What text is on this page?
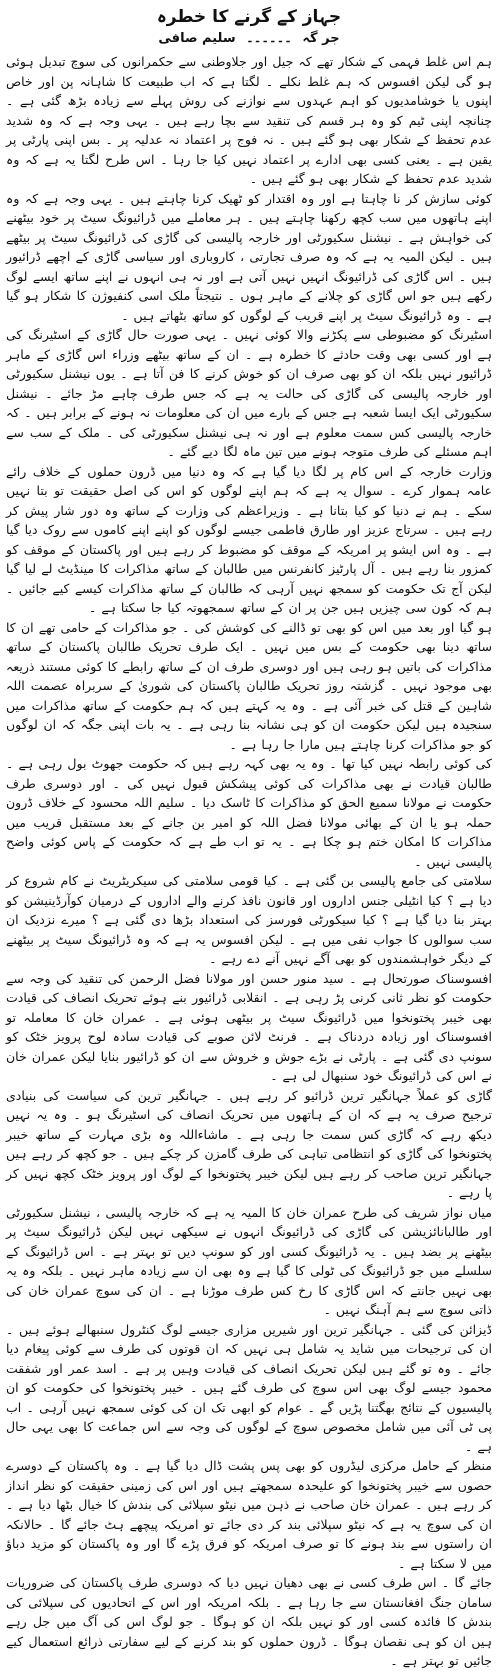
جہاز کے گرنے کا خطرہ
جر گہ ۔۔۔۔۔۔ سلیم صافی

ہم اس غلط فہمی کے شکار تھے کہ جیل اور جلاوطنی سے حکمرانوں کی سوچ تبدیل ہوئی ہو گی لیکن افسوس کہ ہم غلط نکلے ۔ لگتا ہے کہ اب طبیعت کا شاہانہ پن اور خاص اپنوں یا خوشامدیوں کو اہم عہدوں سے نوازنے کی روش پہلے سے زیادہ بڑھ گئی ہے ۔ چنانچہ اپنی ٹیم کو وہ ہر قسم کی تنقید سے بچا رہے ہیں ۔ یہی وجہ ہے کہ وہ شدید عدم تحفظ کے شکار بھی ہو گئے ہیں ۔ نہ فوج پر اعتماد نہ عدلیہ پر ۔ بس اپنی پارٹی پر یقین ہے ۔ یعنی کسی بھی ادارے پر اعتماد نہیں کیا جا رہا ۔ اس طرح لگتا یہ ہے کہ وہ شدید عدم تحفظ کے شکار بھی ہو گئے ہیں ۔

کوئی سازش کر نا چاہتا ہے اور وہ اقتدار کو ٹھیک کرنا چاہتے ہیں ۔ یہی وجہ ہے کہ وہ اپنے ہاتھوں میں سب کچھ رکھنا چاہتے ہیں ۔ ہر معاملے میں ڈرائیونگ سیٹ پر خود بیٹھنے کی خواہش ہے ۔ نیشنل سکیورٹی اور خارجہ پالیسی کی گاڑی کی ڈرائیونگ سیٹ پر بیٹھے ہیں ۔ لیکن المیہ یہ ہے کہ وہ صرف تجارتی ، کاروباری اور سیاسی گاڑی کے اچھے ڈرائیور ہیں ۔ اس گاڑی کی ڈرائیونگ انہیں نہیں آتی ہے اور نہ ہی انہوں نے اپنے ساتھ ایسے لوگ رکھے ہیں جو اس گاڑی کو چلانے کے ماہر ہوں ۔ نتیجتاً ملک اسی کنفیوژن کا شکار ہو گیا ہے ۔ وہ ڈرائیونگ سیٹ پر اپنے قریب کے لوگوں کو ساتھ بٹھاتے ہیں ۔

اسٹیرنگ کو مضبوطی سے پکڑنے والا کوئی نہیں ۔ یہی صورت حال گاڑی کے اسٹیرنگ کی ہے اور کسی بھی وقت حادثے کا خطرہ ہے ۔ ان کے ساتھ بیٹھے وزراء اس گاڑی کے ماہر ڈرائیور نہیں بلکہ ان کو بھی صرف ان کو خوش کرنے کا فن آتا ہے ۔ یوں نیشنل سکیورٹی اور خارجہ پالیسی کی گاڑی کی حالت یہ ہے کہ جس طرف چاہے مڑ جائے ۔ نیشنل سکیورٹی ایک ایسا شعبہ ہے جس کے بارے میں ان کی معلومات نہ ہونے کے برابر ہیں ۔ کہ خارجہ پالیسی کس سمت معلوم ہے اور نہ ہی نیشنل سکیورٹی کی ۔ ملک کے سب سے اہم مسئلے کی طرف متوجہ ہونے میں تین ماہ لگا دیے گئے ۔

وزارت خارجہ کے اس کام پر لگا دیا گیا ہے کہ وہ دنیا میں ڈرون حملوں کے خلاف رائے عامہ ہموار کرے ۔ سوال یہ ہے کہ ہم اپنے لوگوں کو اس کی اصل حقیقت تو بتا نہیں سکے ۔ ہم نے دنیا کو کیا بتانا ہے ۔ وزیراعظم کی وزارت کے ساتھ وہ دور شار پیش کر رہے ہیں ۔ سرتاج عزیز اور طارق فاطمی جیسے لوگوں کو اپنے اپنے کاموں سے روک دیا گیا ہے ۔ وہ اس ایشو پر امریکہ کے موقف کو مضبوط کر رہے ہیں اور پاکستان کے موقف کو کمزور بنا رہے ہیں ۔ آل پارٹیز کانفرنس میں طالبان کے ساتھ مذاکرات کا مینڈیٹ لے لیا گیا لیکن آج تک حکومت کو سمجھ نہیں آرہی کہ طالبان کے ساتھ مذاکرات کیسے کیے جائیں ۔ ہم کہ کون سی چیزیں ہیں جن پر ان کے ساتھ سمجھوتہ کیا جا سکتا ہے ۔

ہو گیا اور بعد میں اس کو بھی تو ڈالنے کی کوشش کی ۔ جو مذاکرات کے حامی تھے ان کا ساتھ دینا بھی حکومت کے بس میں نہیں ۔ ایک طرف تحریک طالبان پاکستان کے ساتھ مذاکرات کی باتیں ہو رہی ہیں اور دوسری طرف ان کے ساتھ رابطے کا کوئی مستند ذریعہ بھی موجود نہیں ۔ گزشتہ روز تحریک طالبان پاکستان کی شوریٰ کے سربراہ عصمت اللہ شاہین کے قتل کی خبر آئی ہے ۔ وہ یہ کہتے ہیں کہ ہم حکومت کے ساتھ مذاکرات میں سنجیدہ ہیں لیکن حکومت ان کو ہی نشانہ بنا رہی ہے ۔ یہ بات اپنی جگہ کہ ان لوگوں کو جو مذاکرات کرنا چاہتے ہیں مارا جا رہا ہے ۔

کی کوئی رابطہ نہیں کیا تھا ۔ وہ یہ بھی کہہ رہے ہیں کہ حکومت جھوٹ بول رہی ہے ۔ طالبان قیادت نے بھی مذاکرات کی کوئی پیشکش قبول نہیں کی ۔ اور دوسری طرف حکومت نے مولانا سمیع الحق کو مذاکرات کا ٹاسک دیا ۔ سلیم اللہ محسود کے خلاف ڈرون حملہ ہو یا ان کے بھائی مولانا فضل اللہ کو امیر بن جانے کے بعد مستقبل قریب میں مذاکرات کا امکان ختم ہو چکا ہے ۔ یہ تو اب طے ہے کہ حکومت کے پاس کوئی واضح پالیسی نہیں ۔

سلامتی کی جامع پالیسی بن گئی ہے ۔ کیا قومی سلامتی کی سیکریٹریٹ نے کام شروع کر دیا ہے ؟ کیا انٹیلی جنس اداروں اور قانون نافذ کرنے والے اداروں کے درمیان کوآرڈینیشن کو بہتر بنا دیا گیا ہے ؟ کیا سیکورٹی فورسز کی استعداد بڑھا دی گئی ہے ؟ میرے نزدیک ان سب سوالوں کا جواب نفی میں ہے ۔ لیکن افسوس یہ ہے کہ وہ ڈرائیونگ سیٹ پر بیٹھنے کے دیگر خواہشمندوں کو بھی آگے نہیں آنے دے رہے ۔

افسوسناک صورتحال ہے ۔ سید منور حسن اور مولانا فضل الرحمن کی تنقید کی وجہ سے حکومت کو نظر ثانی کرنی پڑ رہی ہے ۔ انقلابی ڈرائیور بنے ہوئے تحریک انصاف کی قیادت بھی خیبر پختونخوا میں ڈرائیونگ سیٹ پر بیٹھی ہوئی ہے ۔ عمران خان کا معاملہ تو افسوسناک اور زیادہ دردناک ہے ۔ فرنٹ لائن صوبے کی قیادت سادہ لوح پرویز خٹک کو سونپ دی گئی ہے ۔ پارٹی نے بڑے جوش و خروش سے ان کو ڈرائیور بنایا لیکن عمران خان نے اس کی ڈرائیونگ خود سنبھال لی ہے ۔

گاڑی کو عملاً جہانگیر ترین ڈرائیو کر رہے ہیں ۔ جہانگیر ترین کی سیاست کی بنیادی ترجیح صرف یہ ہے کہ ان کے ہاتھوں میں تحریک انصاف کی اسٹیرنگ ہو ۔ وہ یہ نہیں دیکھ رہے کہ گاڑی کس سمت جا رہی ہے ۔ ماشاءاللہ وہ بڑی مہارت کے ساتھ خیبر پختونخوا کی گاڑی کو انتظامی تباہی کی طرف گامزن کر چکے ہیں ۔ جو کچھ کر رہے ہیں جہانگیر ترین صاحب کر رہے ہیں لیکن خیبر پختونخوا کے لوگ اور پرویز خٹک کچھ نہیں کر پا رہے ۔

میاں نواز شریف کی طرح عمران خان کا المیہ یہ ہے کہ خارجہ پالیسی ، نیشنل سکیورٹی اور طالبانائزیشن کی گاڑی کی ڈرائیونگ انہوں نے سیکھی نہیں لیکن ڈرائیونگ سیٹ پر بیٹھنے پر بضد ہیں ۔ یہ ڈرائیونگ کسی اور کو سونپ دیں تو بہتر ہے ۔ اس ڈرائیونگ کے سلسلے میں جو ڈرائیونگ کی ٹولی کا گیا ہے وہ بھی ان سے زیادہ ماہر نہیں ۔ بلکہ وہ یہ بھی نہیں جانتے کہ اس گاڑی کا رخ کس طرف موڑنا ہے ۔ ان کی سوچ عمران خان کی ذاتی سوچ سے ہم آہنگ نہیں ۔

ڈیزائن کی گئی ۔ جہانگیر ترین اور شیریں مزاری جیسے لوگ کنٹرول سنبھالے ہوئے ہیں ۔ ان کی ترجیحات میں شاید یہ شامل ہی نہیں کہ ان قوتوں کی طرف سے کوئی پیغام دیا جائے ۔ وہ تو گئے ہیں لیکن تحریک انصاف کی قیادت وہیں پر ہے ۔ اسد عمر اور شفقت محمود جیسے لوگ بھی اس سوچ کی طرف گئے ہیں ۔ خیبر پختونخوا کی حکومت کو ان پالیسیوں کے نتائج بھگتنا پڑیں گے ۔ عوام کو ابھی تک ان کی کوئی سمجھ نہیں آرہی ۔ اب پی ٹی آئی میں شامل مخصوص سوچ کے لوگوں کی وجہ سے اس جماعت کا بھی یہی حال ہے ۔

منظر کے حامل مرکزی لیڈروں کو بھی پس پشت ڈال دیا گیا ہے ۔ وہ پاکستان کے دوسرے حصوں سے خیبر پختونخوا کو علیحدہ سمجھتے ہیں اور اس کی زمینی حقیقت کو نظر انداز کر رہے ہیں ۔ عمران خان صاحب نے ذہن میں نیٹو سپلائی کی بندش کا خیال بٹھا دیا ہے ۔ ان کی سوچ یہ ہے کہ نیٹو سپلائی بند کر دی جائے تو امریکہ پیچھے ہٹ جائے گا ۔ حالانکہ ان راستوں سے بند ہونے کا تو صرف امریکہ کو فرق پڑے گا اور وہ پاکستان کو مزید دباؤ میں لا سکتا ہے ۔

جائے گا ۔ اس طرف کسی نے بھی دھیان نہیں دیا کہ دوسری طرف پاکستان کی ضروریات سامان جنگ افغانستان سے جا رہا ہے ۔ بلکہ امریکہ اور اس کے اتحادیوں کی سپلائی کی بندش کا فائدہ کسی اور کو نہیں بلکہ ان کو ہوگا ۔ جو لوگ اس کی آگ میں جل رہے ہیں ان کو ہی نقصان ہوگا ۔ ڈرون حملوں کو بند کرنے کے لیے سفارتی ذرائع استعمال کیے جائیں تو بہتر ہے ۔
